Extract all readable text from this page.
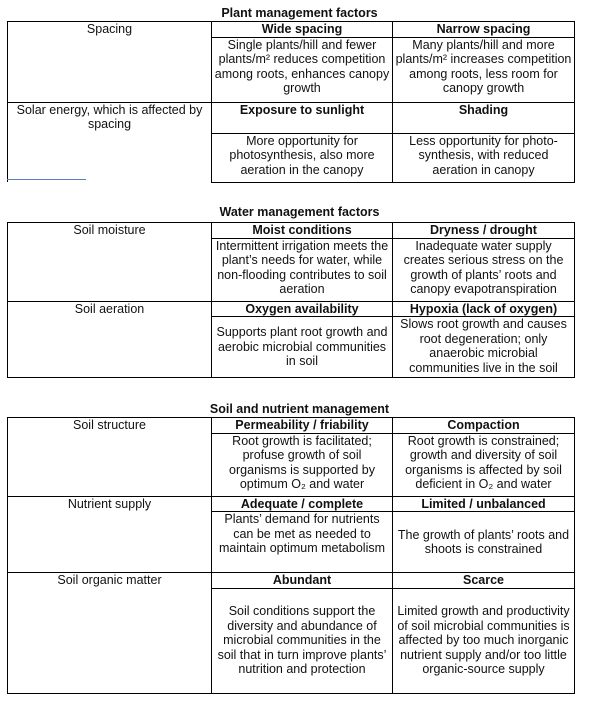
Plant management factors
Spacing	Wide spacing	Narrow spacing
	Single plants/hill and fewer plants/m² reduces competition among roots, enhances canopy growth	Many plants/hill and more plants/m² increases competition among roots, less room for canopy growth
Solar energy, which is affected by spacing	Exposure to sunlight	Shading
	More opportunity for photosynthesis, also more aeration in the canopy	Less opportunity for photo-synthesis, with reduced aeration in canopy
Water management factors
Soil moisture	Moist conditions	Dryness / drought
	Intermittent irrigation meets the plant’s needs for water, while non-flooding contributes to soil aeration	Inadequate water supply creates serious stress on the growth of plants’ roots and canopy evapotranspiration
Soil aeration	Oxygen availability	Hypoxia (lack of oxygen)
	Supports plant root growth and aerobic microbial communities in soil	Slows root growth and causes root degeneration; only anaerobic microbial communities live in the soil
Soil and nutrient management
Soil structure	Permeability / friability	Compaction
	Root growth is facilitated; profuse growth of soil organisms is supported by optimum O₂ and water	Root growth is constrained; growth and diversity of soil organisms is affected by soil deficient in O₂ and water
Nutrient supply	Adequate / complete	Limited / unbalanced
	Plants’ demand for nutrients can be met as needed to maintain optimum metabolism	The growth of plants’ roots and shoots is constrained
Soil organic matter	Abundant	Scarce
	Soil conditions support the diversity and abundance of microbial communities in the soil that in turn improve plants’ nutrition and protection	Limited growth and productivity of soil microbial communities is affected by too much inorganic nutrient supply and/or too little organic-source supply
